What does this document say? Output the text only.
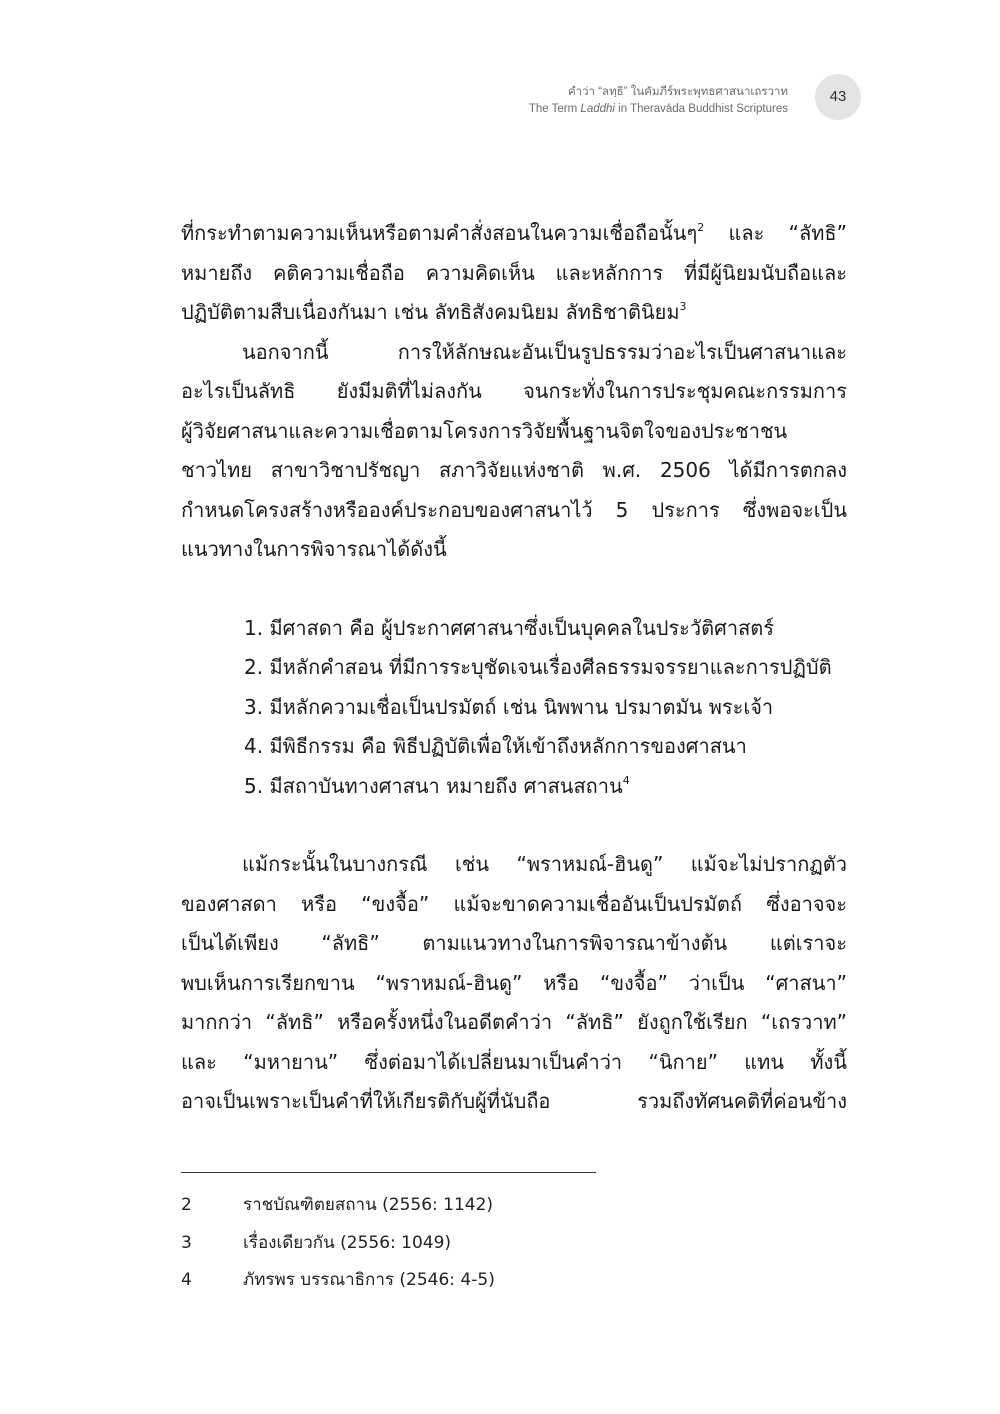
คำว่า “ลทฺธิ” ในคัมภีร์พระพุทธศาสนาเถรวาท
The Term Laddhi in Theravāda Buddhist Scriptures
43
ที่กระทำตามความเห็นหรือตามคำสั่งสอนในความเชื่อถือนั้นๆ$^2$ และ “ลัทธิ”
หมายถึง คติความเชื่อถือ ความคิดเห็น และหลักการ ที่มีผู้นิยมนับถือและ
ปฏิบัติตามสืบเนื่องกันมา เช่น ลัทธิสังคมนิยม ลัทธิชาตินิยม$^3$
นอกจากนี้ การให้ลักษณะอันเป็นรูปธรรมว่าอะไรเป็นศาสนาและ
อะไรเป็นลัทธิ ยังมีมติที่ไม่ลงกัน จนกระทั่งในการประชุมคณะกรรมการ
ผู้วิจัยศาสนาและความเชื่อตามโครงการวิจัยพื้นฐานจิตใจของประชาชน
ชาวไทย สาขาวิชาปรัชญา สภาวิจัยแห่งชาติ พ.ศ. 2506 ได้มีการตกลง
กำหนดโครงสร้างหรือองค์ประกอบของศาสนาไว้ 5 ประการ ซึ่งพอจะเป็น
แนวทางในการพิจารณาได้ดังนี้
1. มีศาสดา คือ ผู้ประกาศศาสนาซึ่งเป็นบุคคลในประวัติศาสตร์
2. มีหลักคำสอน ที่มีการระบุชัดเจนเรื่องศีลธรรมจรรยาและการปฏิบัติ
3. มีหลักความเชื่อเป็นปรมัตถ์ เช่น นิพพาน ปรมาตมัน พระเจ้า
4. มีพิธีกรรม คือ พิธีปฏิบัติเพื่อให้เข้าถึงหลักการของศาสนา
5. มีสถาบันทางศาสนา หมายถึง ศาสนสถาน$^4$
แม้กระนั้นในบางกรณี เช่น “พราหมณ์-ฮินดู” แม้จะไม่ปรากฏตัว
ของศาสดา หรือ “ขงจื้อ” แม้จะขาดความเชื่ออันเป็นปรมัตถ์ ซึ่งอาจจะ
เป็นได้เพียง “ลัทธิ” ตามแนวทางในการพิจารณาข้างต้น แต่เราจะ
พบเห็นการเรียกขาน “พราหมณ์-ฮินดู” หรือ “ขงจื้อ” ว่าเป็น “ศาสนา”
มากกว่า “ลัทธิ” หรือครั้งหนึ่งในอดีตคำว่า “ลัทธิ” ยังถูกใช้เรียก “เถรวาท”
และ “มหายาน” ซึ่งต่อมาได้เปลี่ยนมาเป็นคำว่า “นิกาย” แทน ทั้งนี้
อาจเป็นเพราะเป็นคำที่ให้เกียรติกับผู้ที่นับถือ รวมถึงทัศนคติที่ค่อนข้าง
2	ราชบัณฑิตยสถาน (2556: 1142)
3	เรื่องเดียวกัน (2556: 1049)
4	ภัทรพร บรรณาธิการ (2546: 4-5)
